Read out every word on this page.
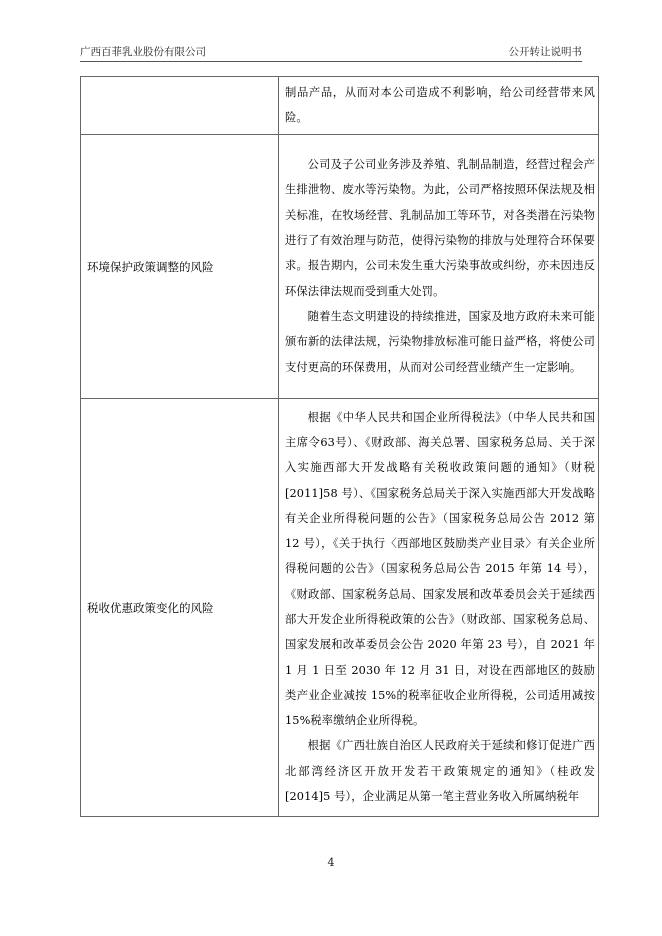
广西百菲乳业股份有限公司	公开转让说明书

	制品产品，从而对本公司造成不利影响，给公司经营带来风险。

环境保护政策调整的风险	公司及子公司业务涉及养殖、乳制品制造，经营过程会产生排泄物、废水等污染物。为此，公司严格按照环保法规及相关标准，在牧场经营、乳制品加工等环节，对各类潜在污染物进行了有效治理与防范，使得污染物的排放与处理符合环保要求。报告期内，公司未发生重大污染事故或纠纷，亦未因违反环保法律法规而受到重大处罚。

随着生态文明建设的持续推进，国家及地方政府未来可能颁布新的法律法规，污染物排放标准可能日益严格，将使公司支付更高的环保费用，从而对公司经营业绩产生一定影响。

税收优惠政策变化的风险	根据《中华人民共和国企业所得税法》（中华人民共和国主席令63号）、《财政部、海关总署、国家税务总局、关于深入实施西部大开发战略有关税收政策问题的通知》（财税[2011]58 号）、《国家税务总局关于深入实施西部大开发战略有关企业所得税问题的公告》（国家税务总局公告 2012 第 12 号），《关于执行〈西部地区鼓励类产业目录〉有关企业所得税问题的公告》（国家税务总局公告 2015 年第 14 号），《财政部、国家税务总局、国家发展和改革委员会关于延续西部大开发企业所得税政策的公告》（财政部、国家税务总局、国家发展和改革委员会公告 2020 年第 23 号），自 2021 年 1 月 1 日至 2030 年 12 月 31 日，对设在西部地区的鼓励类产业企业减按 15%的税率征收企业所得税，公司适用减按 15%税率缴纳企业所得税。

根据《广西壮族自治区人民政府关于延续和修订促进广西北部湾经济区开放开发若干政策规定的通知》（桂政发[2014]5 号），企业满足从第一笔主营业务收入所属纳税年

4
